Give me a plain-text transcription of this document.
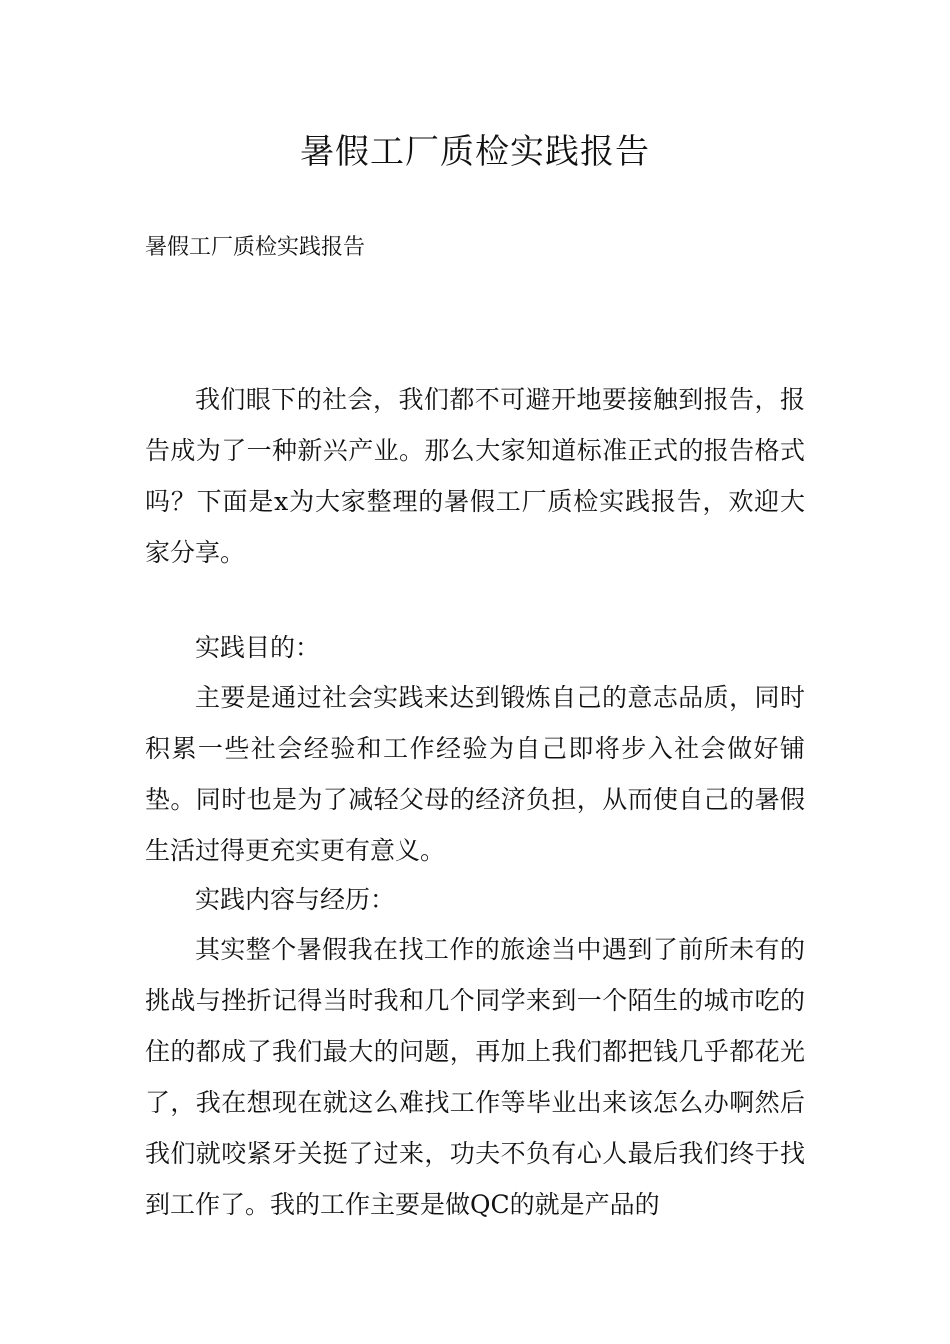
暑假工厂质检实践报告

暑假工厂质检实践报告

我们眼下的社会，我们都不可避开地要接触到报告，报告成为了一种新兴产业。那么大家知道标准正式的报告格式吗？下面是x为大家整理的暑假工厂质检实践报告，欢迎大家分享。

实践目的：

主要是通过社会实践来达到锻炼自己的意志品质，同时积累一些社会经验和工作经验为自己即将步入社会做好铺垫。同时也是为了减轻父母的经济负担，从而使自己的暑假生活过得更充实更有意义。

实践内容与经历：

其实整个暑假我在找工作的旅途当中遇到了前所未有的挑战与挫折记得当时我和几个同学来到一个陌生的城市吃的住的都成了我们最大的问题，再加上我们都把钱几乎都花光了，我在想现在就这么难找工作等毕业出来该怎么办啊然后我们就咬紧牙关挺了过来，功夫不负有心人最后我们终于找到工作了。我的工作主要是做QC的就是产品的
